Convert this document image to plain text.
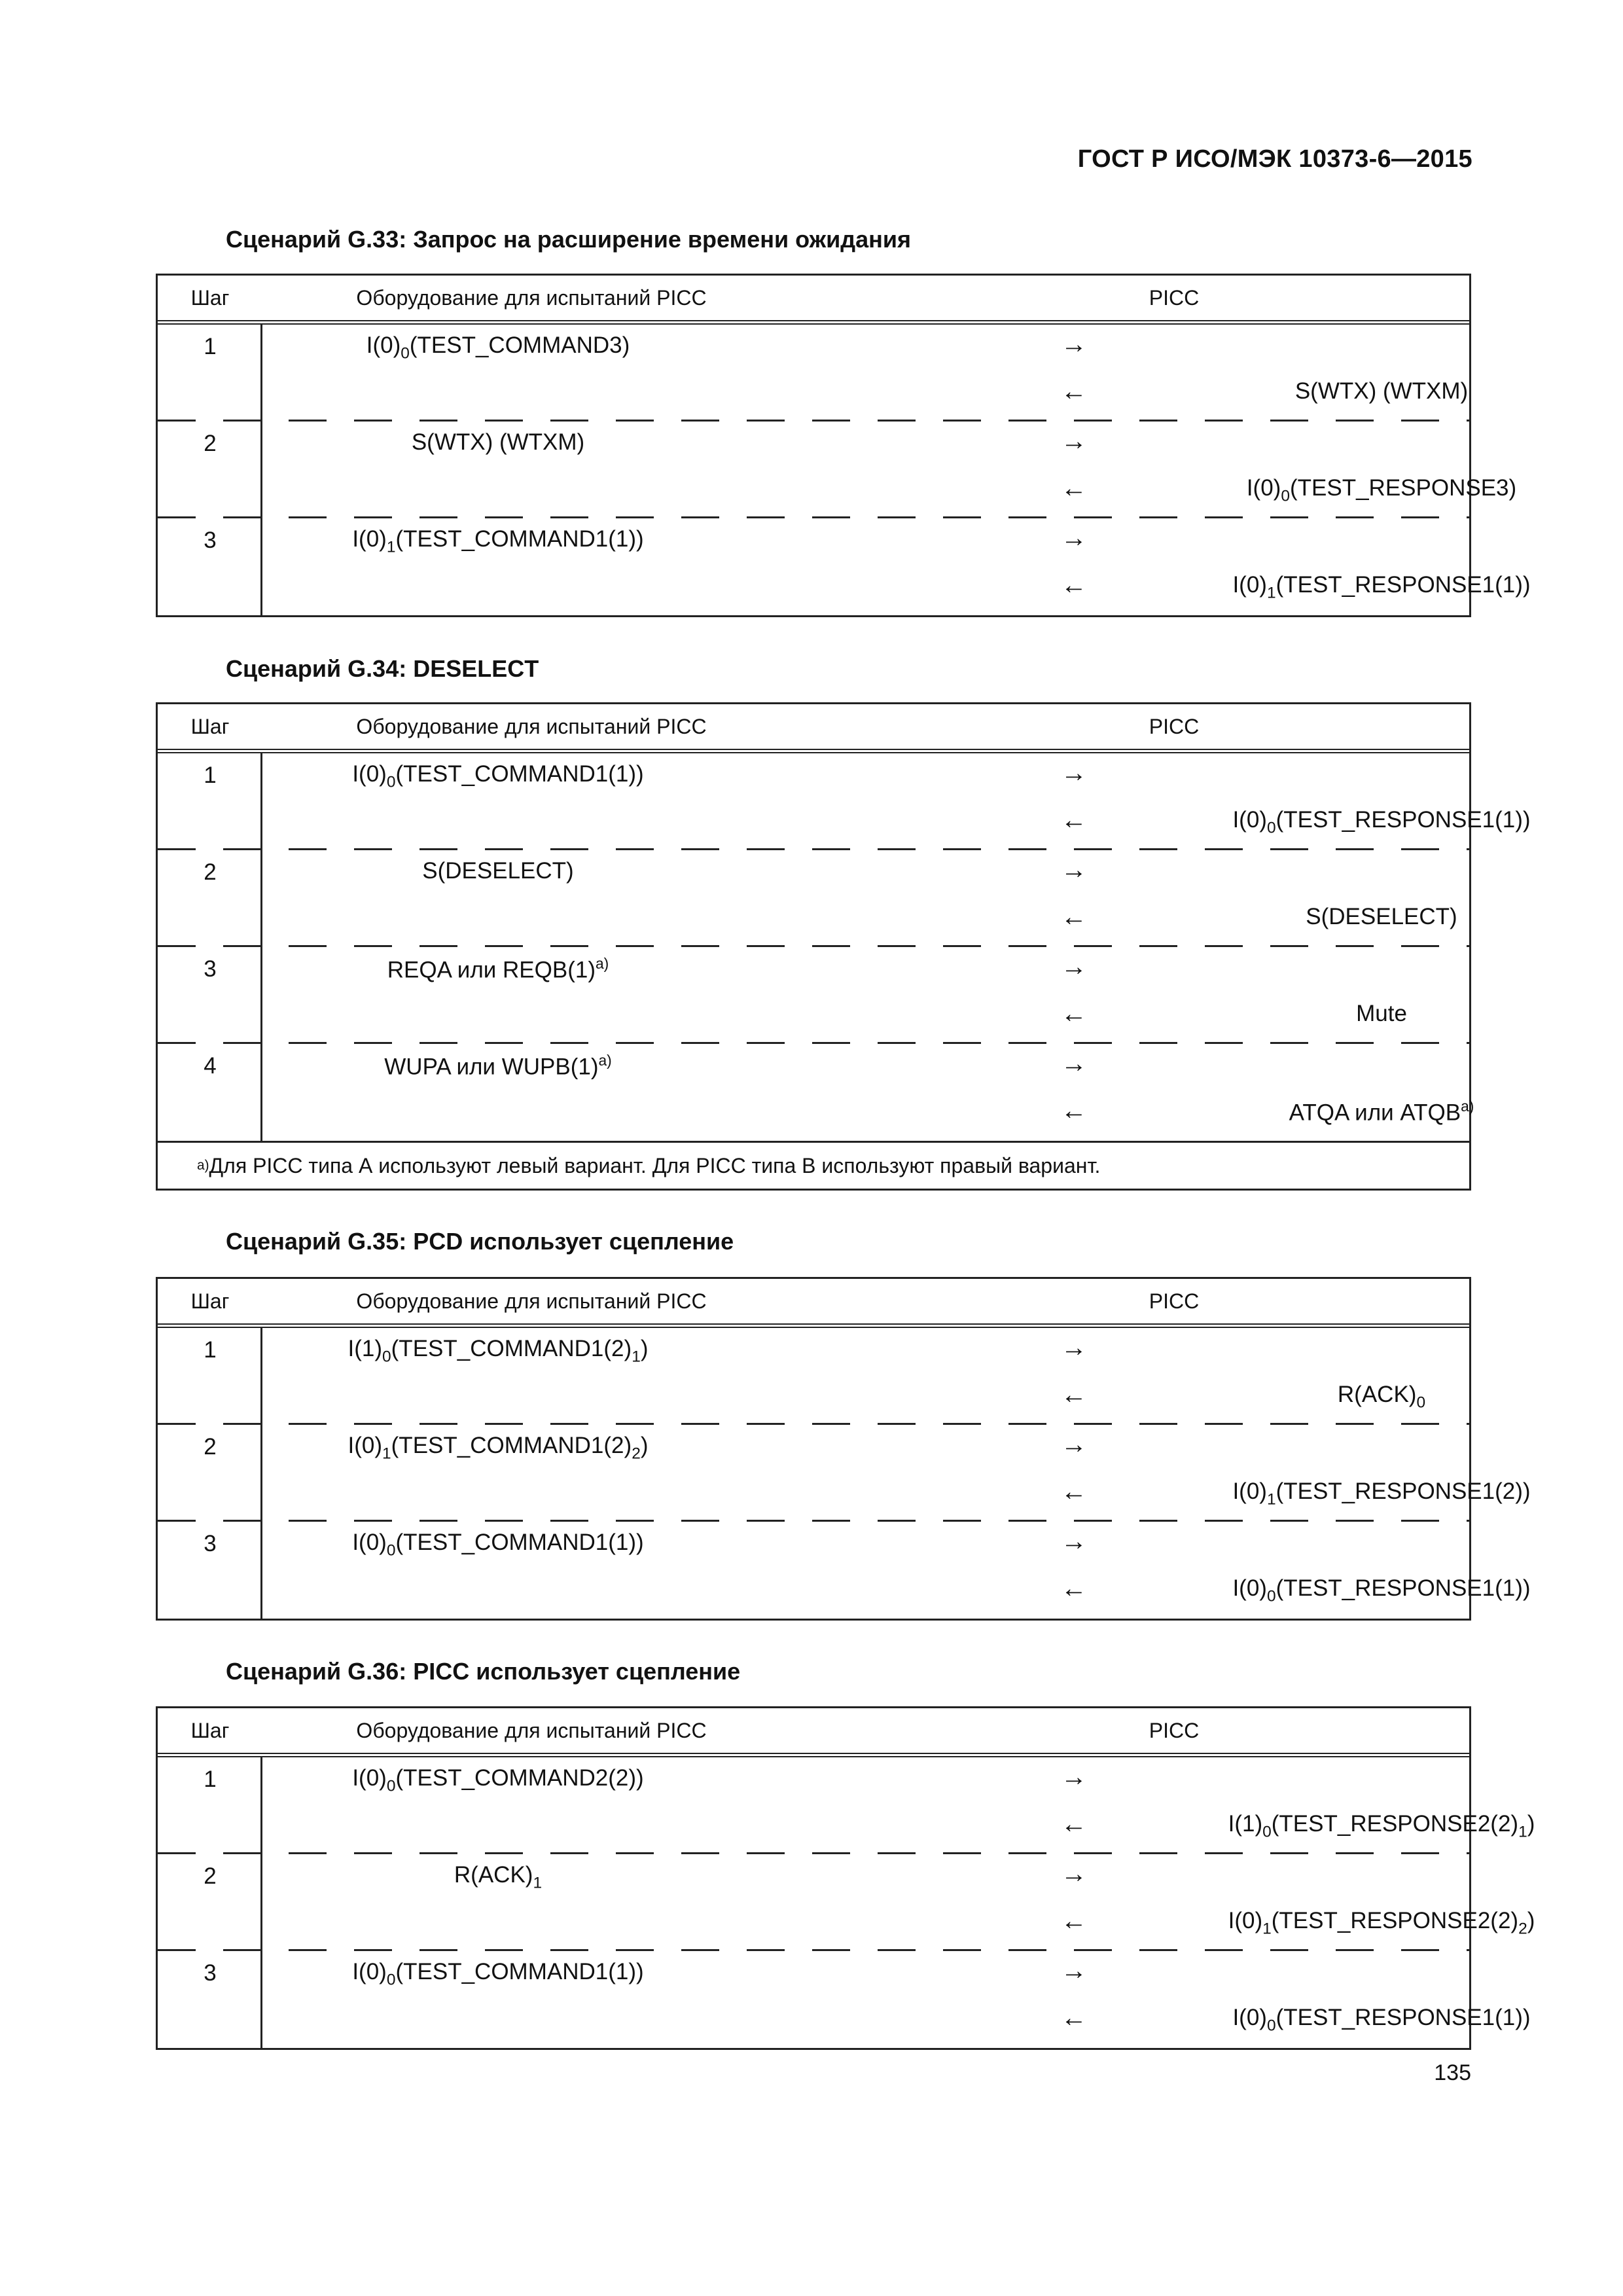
ГОСТ Р ИСО/МЭК 10373-6—2015
Сценарий G.33: Запрос на расширение времени ожидания
Шаг	Оборудование для испытаний PICC	PICC
1	$I(0)_0(TEST\_COMMAND3)$	→
←	S(WTX) (WTXM)
2	S(WTX) (WTXM)	→
←	$I(0)_0(TEST\_RESPONSE3)$
3	$I(0)_1(TEST\_COMMAND1(1))$	→
←	$I(0)_1(TEST\_RESPONSE1(1))$
Сценарий G.34: DESELECT
Шаг	Оборудование для испытаний PICC	PICC
1	$I(0)_0(TEST\_COMMAND1(1))$	→
←	$I(0)_0(TEST\_RESPONSE1(1))$
2	S(DESELECT)	→
←	S(DESELECT)
3	REQA или $REQB(1)^{a)}$	→
←	Mute
4	WUPA или $WUPB(1)^{a)}$	→
←	ATQA или ATQB$^{a)}$
a) Для PICC типа А используют левый вариант. Для PICC типа В используют правый вариант.
Сценарий G.35: PCD использует сцепление
Шаг	Оборудование для испытаний PICC	PICC
1	$I(1)_0(TEST\_COMMAND1(2)_1)$	→
←	$R(ACK)_0$
2	$I(0)_1(TEST\_COMMAND1(2)_2)$	→
←	$I(0)_1(TEST\_RESPONSE1(2))$
3	$I(0)_0(TEST\_COMMAND1(1))$	→
←	$I(0)_0(TEST\_RESPONSE1(1))$
Сценарий G.36: PICC использует сцепление
Шаг	Оборудование для испытаний PICC	PICC
1	$I(0)_0(TEST\_COMMAND2(2))$	→
←	$I(1)_0(TEST\_RESPONSE2(2)_1)$
2	$R(ACK)_1$	→
←	$I(0)_1(TEST\_RESPONSE2(2)_2)$
3	$I(0)_0(TEST\_COMMAND1(1))$	→
←	$I(0)_0(TEST\_RESPONSE1(1))$
135
